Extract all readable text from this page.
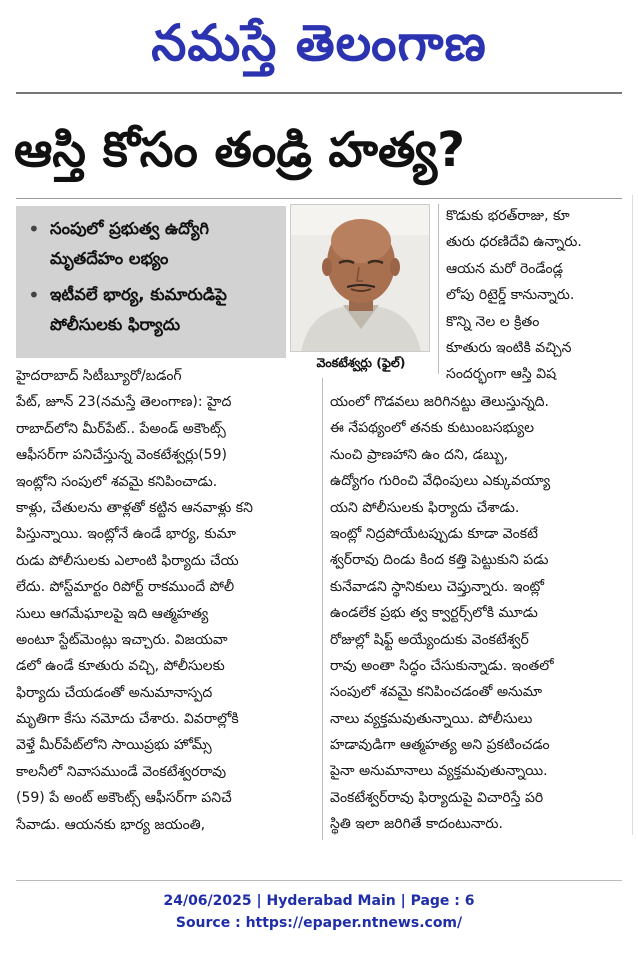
నమస్తే తెలంగాణ
ఆస్తి కోసం తండ్రి హత్య?
• సంపులో ప్రభుత్వ ఉద్యోగి
మృతదేహం లభ్యం
• ఇటీవలే భార్య, కుమారుడిపై
పోలీసులకు ఫిర్యాదు
వెంకటేశ్వర్లు (ఫైల్)
కొడుకు భరత్‌రాజు, కూ
తురు ధరణిదేవి ఉన్నారు.
ఆయన మరో రెండేండ్ల
లోపు రిటైర్డ్ కానున్నారు.
కొన్ని నెల ల క్రితం
కూతురు ఇంటికి వచ్చిన
సందర్భంగా ఆస్తి విష
హైదరాబాద్ సిటీబ్యూరో/బడంగ్
పేట్, జూన్ 23(నమస్తే తెలంగాణ): హైద
రాబాద్‌లోని మీర్‌పేట్.. పేఅండ్ అకౌంట్స్
ఆఫీసర్‌గా పనిచేస్తున్న వెంకటేశ్వర్లు(59)
ఇంట్లోని సంపులో శవమై కనిపించాడు.
కాళ్లు, చేతులను తాళ్లతో కట్టిన ఆనవాళ్లు కని
పిస్తున్నాయి. ఇంట్లోనే ఉండే భార్య, కుమా
రుడు పోలీసులకు ఎలాంటి ఫిర్యాదు చేయ
లేదు. పోస్ట్‌మార్టం రిపోర్ట్ రాకముందే పోలీ
సులు ఆగమేఘాలపై ఇది ఆత్మహత్య
అంటూ స్టేట్‌మెంట్లు ఇచ్చారు. విజయవా
డలో ఉండే కూతురు వచ్చి, పోలీసులకు
ఫిర్యాదు చేయడంతో అనుమానాస్పద
మృతిగా కేసు నమోదు చేశారు. వివరాల్లోకి
వెళ్తే మీర్‌పేట్‌లోని సాయిప్రభు హోమ్స్
కాలనీలో నివాసముండే వెంకటేశ్వరరావు
(59) పే అంట్ అకౌంట్స్ ఆఫీసర్‌గా పనిచే
సేవాడు. ఆయనకు భార్య జయంతి,
యంలో గొడవలు జరిగినట్టు తెలుస్తున్నది.
ఈ నేపథ్యంలో తనకు కుటుంబసభ్యుల
నుంచి ప్రాణహాని ఉం దని, డబ్బు,
ఉద్యోగం గురించి వేధింపులు ఎక్కువయ్యా
యని పోలీసులకు ఫిర్యాదు చేశాడు.
ఇంట్లో నిద్రపోయేటప్పుడు కూడా వెంకటే
శ్వర్‌రావు దిండు కింద కత్తి పెట్టుకుని పడు
కునేవాడని స్థానికులు చెప్తున్నారు. ఇంట్లో
ఉండలేక ప్రభు త్వ క్వార్టర్స్‌లోకి మూడు
రోజుల్లో షిఫ్ట్ అయ్యేందుకు వెంకటేశ్వర్
రావు అంతా సిద్ధం చేసుకున్నాడు. ఇంతలో
సంపులో శవమై కనిపించడంతో అనుమా
నాలు వ్యక్తమవుతున్నాయి. పోలీసులు
హడావుడిగా ఆత్మహత్య అని ప్రకటించడం
పైనా అనుమానాలు వ్యక్తమవుతున్నాయి.
వెంకటేశ్వర్‌రావు ఫిర్యాదుపై విచారిస్తే పరి
స్థితి ఇలా జరిగితే కాదంటునారు.
24/06/2025 | Hyderabad Main | Page : 6
Source : https://epaper.ntnews.com/
